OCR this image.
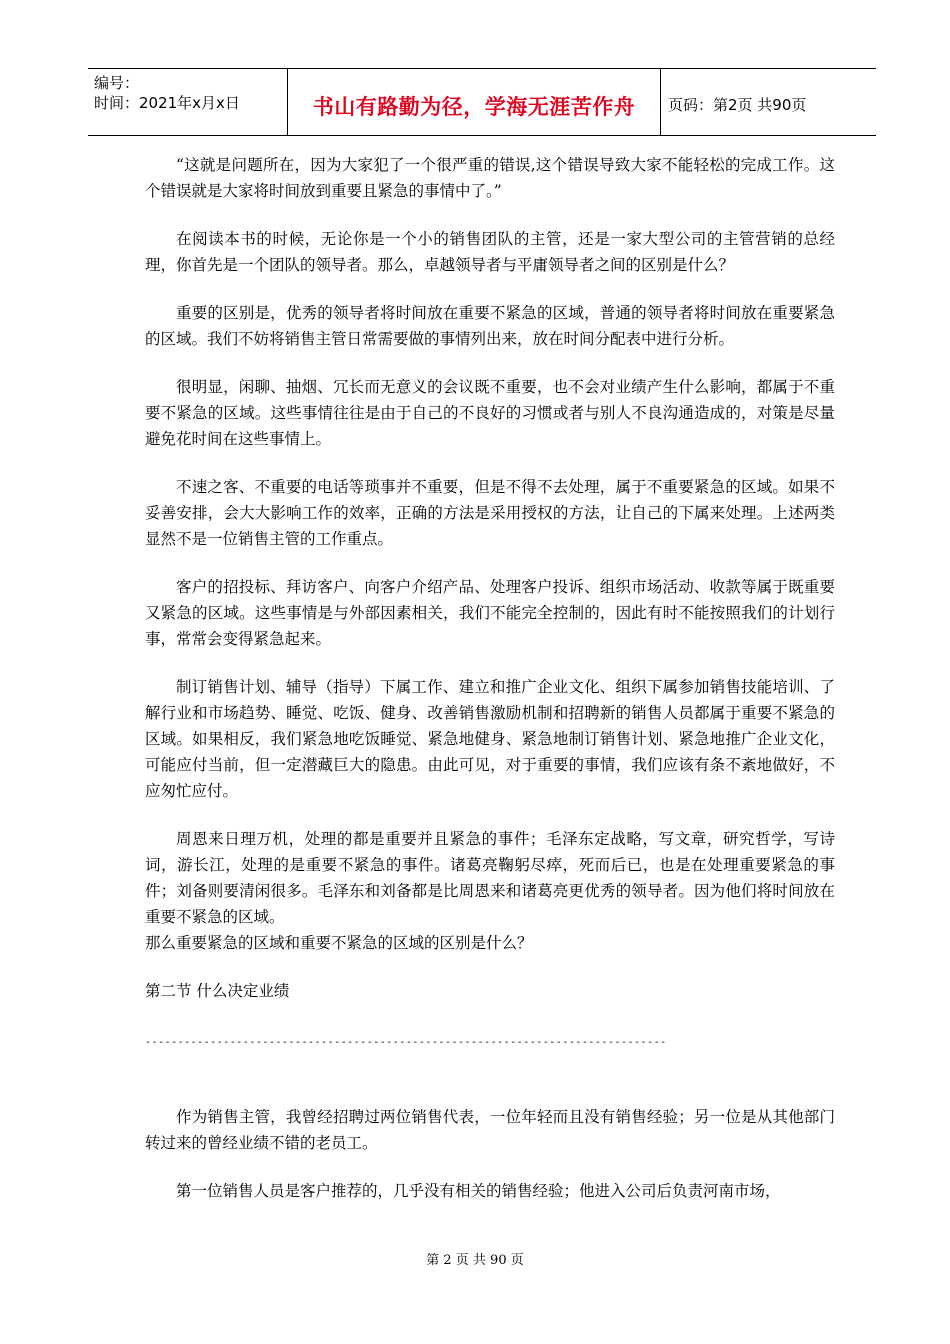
编号：
时间：2021年x月x日	书山有路勤为径，学海无涯苦作舟	页码：第2页 共90页

“这就是问题所在，因为大家犯了一个很严重的错误,这个错误导致大家不能轻松的完成工作。这个错误就是大家将时间放到重要且紧急的事情中了。”

在阅读本书的时候，无论你是一个小的销售团队的主管，还是一家大型公司的主管营销的总经理，你首先是一个团队的领导者。那么，卓越领导者与平庸领导者之间的区别是什么？

重要的区别是，优秀的领导者将时间放在重要不紧急的区域，普通的领导者将时间放在重要紧急的区域。我们不妨将销售主管日常需要做的事情列出来，放在时间分配表中进行分析。

很明显，闲聊、抽烟、冗长而无意义的会议既不重要，也不会对业绩产生什么影响，都属于不重要不紧急的区域。这些事情往往是由于自己的不良好的习惯或者与别人不良沟通造成的，对策是尽量避免花时间在这些事情上。

不速之客、不重要的电话等琐事并不重要，但是不得不去处理，属于不重要紧急的区域。如果不妥善安排，会大大影响工作的效率，正确的方法是采用授权的方法，让自己的下属来处理。上述两类显然不是一位销售主管的工作重点。

客户的招投标、拜访客户、向客户介绍产品、处理客户投诉、组织市场活动、收款等属于既重要又紧急的区域。这些事情是与外部因素相关，我们不能完全控制的，因此有时不能按照我们的计划行事，常常会变得紧急起来。

制订销售计划、辅导（指导）下属工作、建立和推广企业文化、组织下属参加销售技能培训、了解行业和市场趋势、睡觉、吃饭、健身、改善销售激励机制和招聘新的销售人员都属于重要不紧急的区域。如果相反，我们紧急地吃饭睡觉、紧急地健身、紧急地制订销售计划、紧急地推广企业文化，可能应付当前，但一定潜藏巨大的隐患。由此可见，对于重要的事情，我们应该有条不紊地做好，不应匆忙应付。

周恩来日理万机，处理的都是重要并且紧急的事件；毛泽东定战略，写文章，研究哲学，写诗词，游长江，处理的是重要不紧急的事件。诸葛亮鞠躬尽瘁，死而后已，也是在处理重要紧急的事件；刘备则要清闲很多。毛泽东和刘备都是比周恩来和诸葛亮更优秀的领导者。因为他们将时间放在重要不紧急的区域。

那么重要紧急的区域和重要不紧急的区域的区别是什么？

第二节 什么决定业绩

--------------------------------------------------------------------------------

作为销售主管，我曾经招聘过两位销售代表，一位年轻而且没有销售经验；另一位是从其他部门转过来的曾经业绩不错的老员工。

第一位销售人员是客户推荐的，几乎没有相关的销售经验；他进入公司后负责河南市场，

第 2 页 共 90 页
